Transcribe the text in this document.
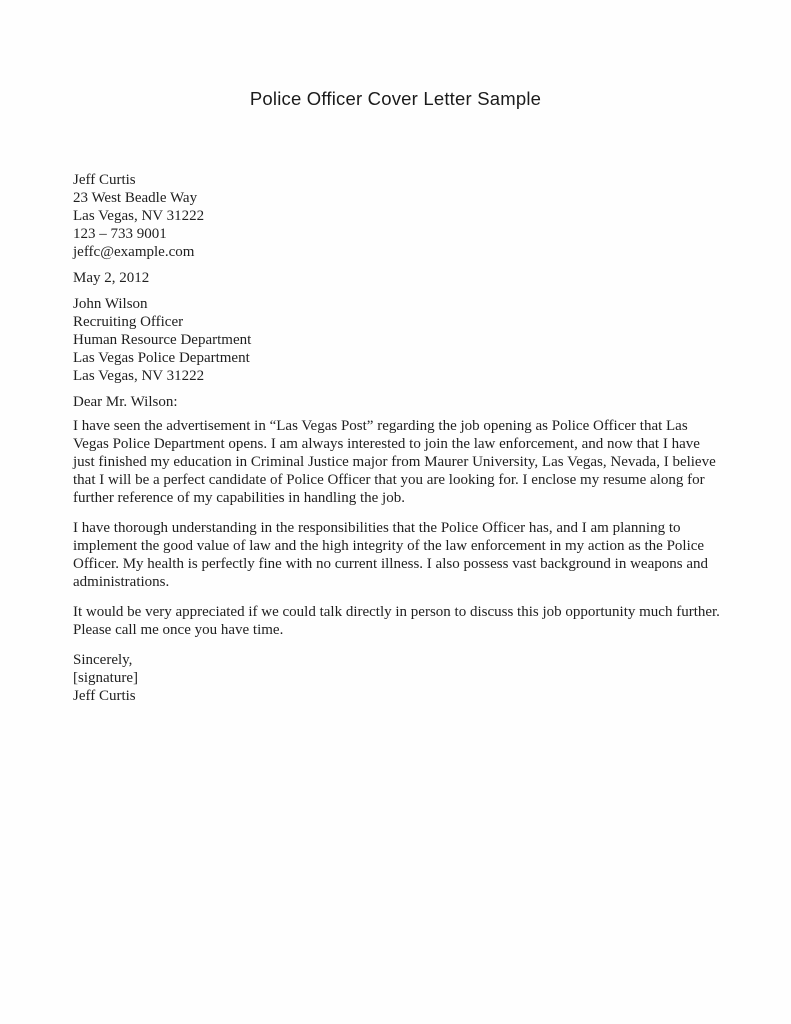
Police Officer Cover Letter Sample
Jeff Curtis
23 West Beadle Way
Las Vegas, NV 31222
123 – 733 9001
jeffc@example.com
May 2, 2012
John Wilson
Recruiting Officer
Human Resource Department
Las Vegas Police Department
Las Vegas, NV 31222
Dear Mr. Wilson:

I have seen the advertisement in “Las Vegas Post” regarding the job opening as Police Officer that Las Vegas Police Department opens. I am always interested to join the law enforcement, and now that I have just finished my education in Criminal Justice major from Maurer University, Las Vegas, Nevada, I believe that I will be a perfect candidate of Police Officer that you are looking for. I enclose my resume along for further reference of my capabilities in handling the job.

I have thorough understanding in the responsibilities that the Police Officer has, and I am planning to implement the good value of law and the high integrity of the law enforcement in my action as the Police Officer. My health is perfectly fine with no current illness. I also possess vast background in weapons and administrations.

It would be very appreciated if we could talk directly in person to discuss this job opportunity much further. Please call me once you have time.

Sincerely,
[signature]
Jeff Curtis
